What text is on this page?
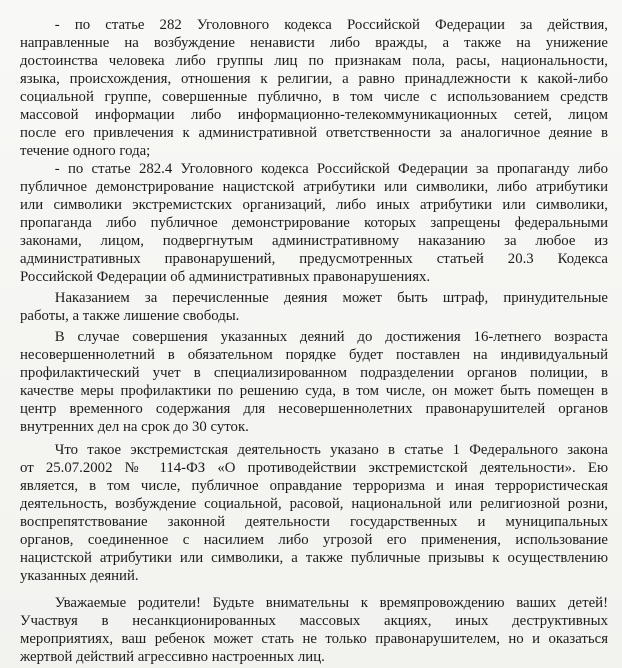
- по статье 282 Уголовного кодекса Российской Федерации за действия,
направленные на возбуждение ненависти либо вражды, а также на унижение
достоинства человека либо группы лиц по признакам пола, расы, национальности,
языка, происхождения, отношения к религии, а равно принадлежности к какой-либо
социальной группе, совершенные публично, в том числе с использованием средств
массовой информации либо информационно-телекоммуникационных сетей, лицом
после его привлечения к административной ответственности за аналогичное деяние в
течение одного года;

- по статье 282.4 Уголовного кодекса Российской Федерации за пропаганду либо
публичное демонстрирование нацистской атрибутики или символики, либо атрибутики
или символики экстремистских организаций, либо иных атрибутики или символики,
пропаганда либо публичное демонстрирование которых запрещены федеральными
законами, лицом, подвергнутым административному наказанию за любое из
административных правонарушений, предусмотренных статьей 20.3 Кодекса
Российской Федерации об административных правонарушениях.

Наказанием за перечисленные деяния может быть штраф, принудительные
работы, а также лишение свободы.

В случае совершения указанных деяний до достижения 16-летнего возраста
несовершеннолетний в обязательном порядке будет поставлен на индивидуальный
профилактический учет в специализированном подразделении органов полиции, в
качестве меры профилактики по решению суда, в том числе, он может быть помещен в
центр временного содержания для несовершеннолетних правонарушителей органов
внутренних дел на срок до 30 суток.

Что такое экстремистская деятельность указано в статье 1 Федерального закона
от 25.07.2002 № 114-ФЗ «О противодействии экстремистской деятельности». Ею
является, в том числе, публичное оправдание терроризма и иная террористическая
деятельность, возбуждение социальной, расовой, национальной или религиозной розни,
воспрепятствование законной деятельности государственных и муниципальных
органов, соединенное с насилием либо угрозой его применения, использование
нацистской атрибутики или символики, а также публичные призывы к осуществлению
указанных деяний.

Уважаемые родители! Будьте внимательны к времяпровождению ваших детей!
Участвуя в несанкционированных массовых акциях, иных деструктивных
мероприятиях, ваш ребенок может стать не только правонарушителем, но и оказаться
жертвой действий агрессивно настроенных лиц.
